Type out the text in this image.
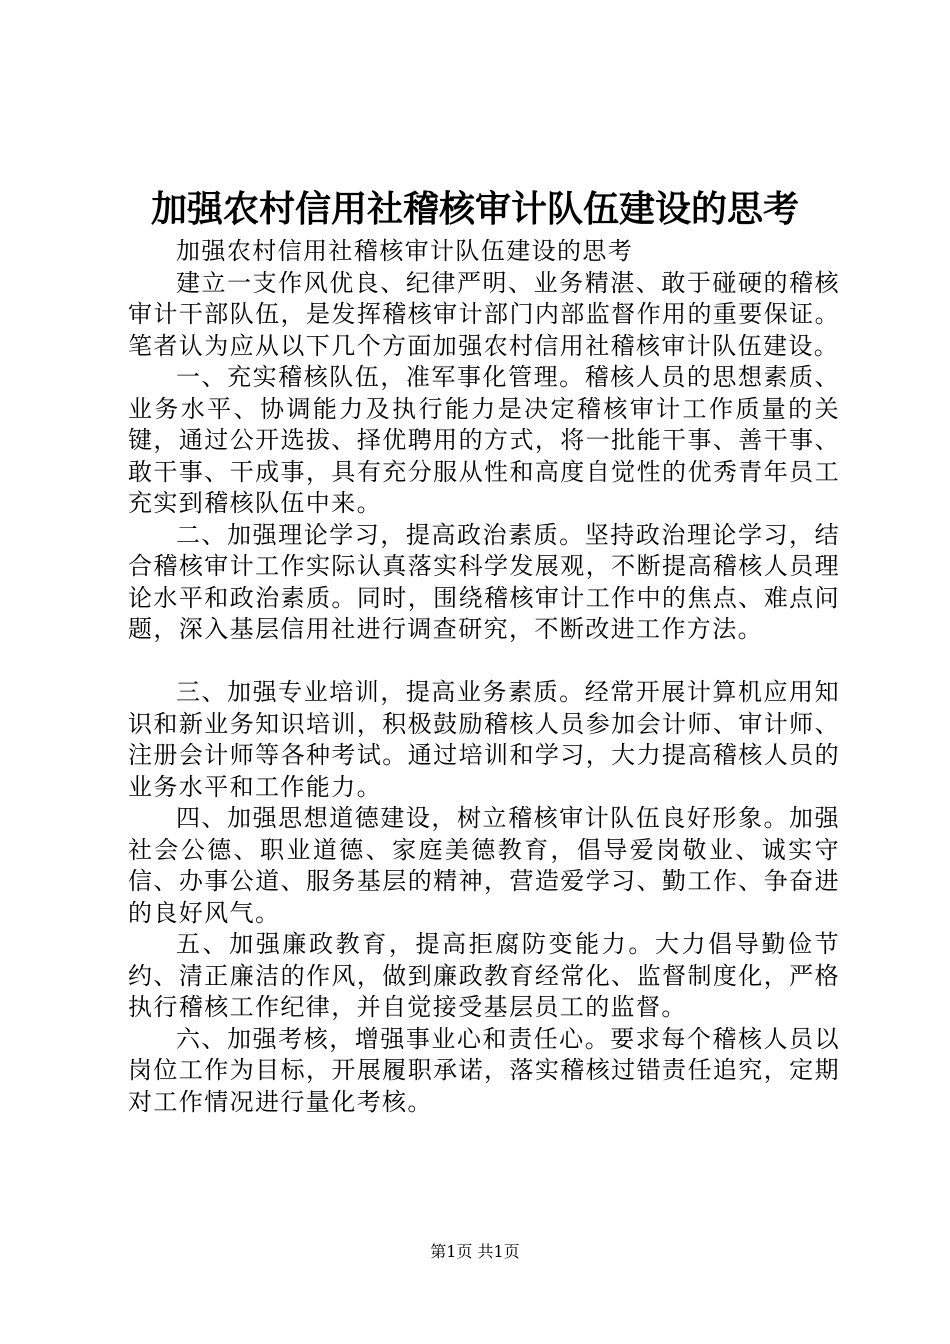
加强农村信用社稽核审计队伍建设的思考

加强农村信用社稽核审计队伍建设的思考

建立一支作风优良、纪律严明、业务精湛、敢于碰硬的稽核审计干部队伍，是发挥稽核审计部门内部监督作用的重要保证。笔者认为应从以下几个方面加强农村信用社稽核审计队伍建设。

一、充实稽核队伍，准军事化管理。稽核人员的思想素质、业务水平、协调能力及执行能力是决定稽核审计工作质量的关键，通过公开选拔、择优聘用的方式，将一批能干事、善干事、敢干事、干成事，具有充分服从性和高度自觉性的优秀青年员工充实到稽核队伍中来。

二、加强理论学习，提高政治素质。坚持政治理论学习，结合稽核审计工作实际认真落实科学发展观，不断提高稽核人员理论水平和政治素质。同时，围绕稽核审计工作中的焦点、难点问题，深入基层信用社进行调查研究，不断改进工作方法。

三、加强专业培训，提高业务素质。经常开展计算机应用知识和新业务知识培训，积极鼓励稽核人员参加会计师、审计师、注册会计师等各种考试。通过培训和学习，大力提高稽核人员的业务水平和工作能力。

四、加强思想道德建设，树立稽核审计队伍良好形象。加强社会公德、职业道德、家庭美德教育，倡导爱岗敬业、诚实守信、办事公道、服务基层的精神，营造爱学习、勤工作、争奋进的良好风气。

五、加强廉政教育，提高拒腐防变能力。大力倡导勤俭节约、清正廉洁的作风，做到廉政教育经常化、监督制度化，严格执行稽核工作纪律，并自觉接受基层员工的监督。

六、加强考核，增强事业心和责任心。要求每个稽核人员以岗位工作为目标，开展履职承诺，落实稽核过错责任追究，定期对工作情况进行量化考核。

第1页 共1页
